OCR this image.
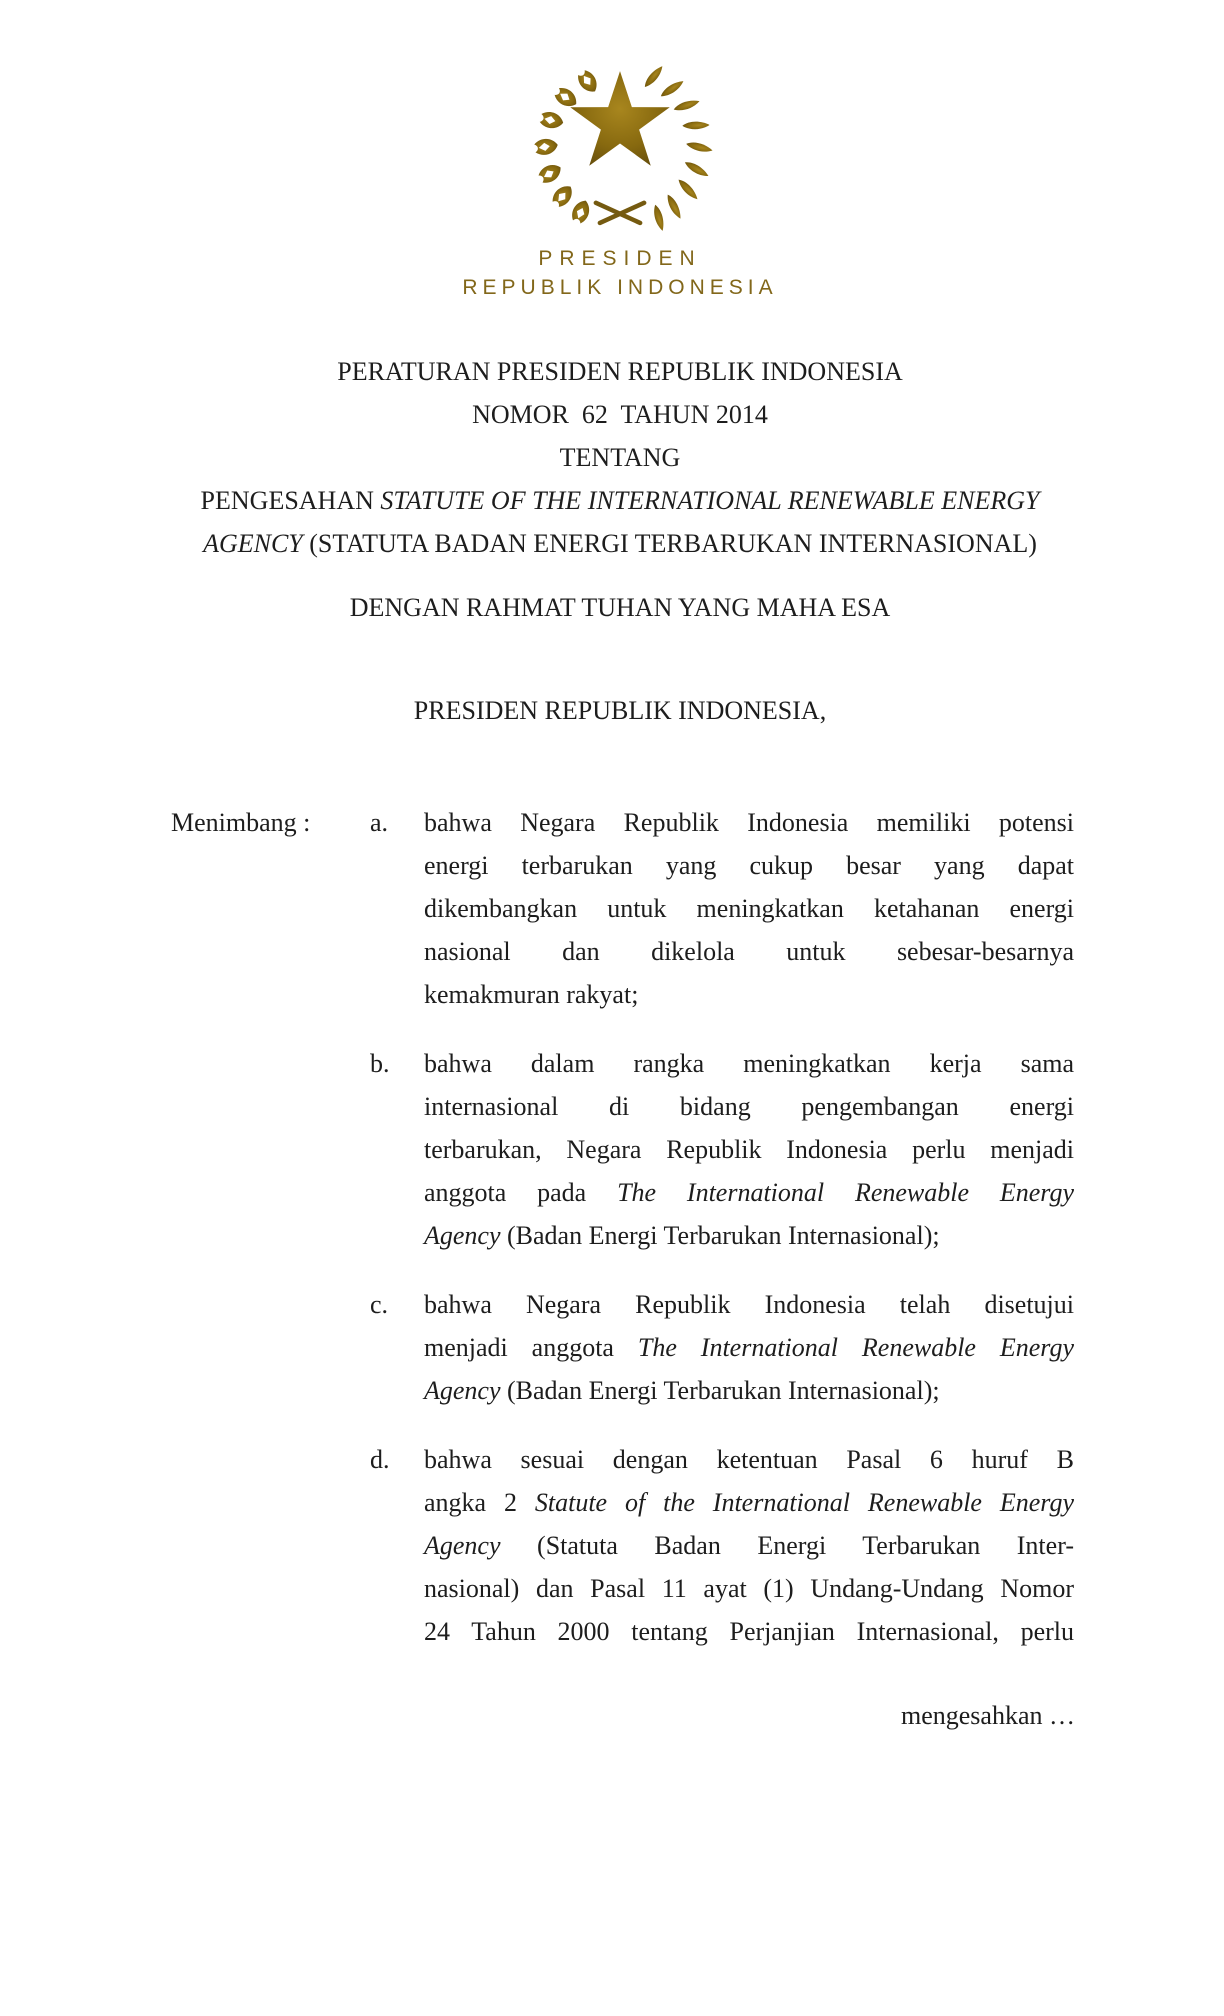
PRESIDEN
REPUBLIK INDONESIA
PERATURAN PRESIDEN REPUBLIK INDONESIA
NOMOR  62  TAHUN 2014
TENTANG
PENGESAHAN STATUTE OF THE INTERNATIONAL RENEWABLE ENERGY
AGENCY (STATUTA BADAN ENERGI TERBARUKAN INTERNASIONAL)
DENGAN RAHMAT TUHAN YANG MAHA ESA
PRESIDEN REPUBLIK INDONESIA,
Menimbang :	a.	bahwa Negara Republik Indonesia memiliki potensi
energi terbarukan yang cukup besar yang dapat
dikembangkan untuk meningkatkan ketahanan energi
nasional dan dikelola untuk sebesar-besarnya
kemakmuran rakyat;
b.	bahwa dalam rangka meningkatkan kerja sama
internasional di bidang pengembangan energi
terbarukan, Negara Republik Indonesia perlu menjadi
anggota pada The International Renewable Energy
Agency (Badan Energi Terbarukan Internasional);
c.	bahwa Negara Republik Indonesia telah disetujui
menjadi anggota The International Renewable Energy
Agency (Badan Energi Terbarukan Internasional);
d.	bahwa sesuai dengan ketentuan Pasal 6 huruf B
angka 2 Statute of the International Renewable Energy
Agency (Statuta Badan Energi Terbarukan Inter-
nasional) dan Pasal 11 ayat (1) Undang-Undang Nomor
24 Tahun 2000 tentang Perjanjian Internasional, perlu
mengesahkan …
